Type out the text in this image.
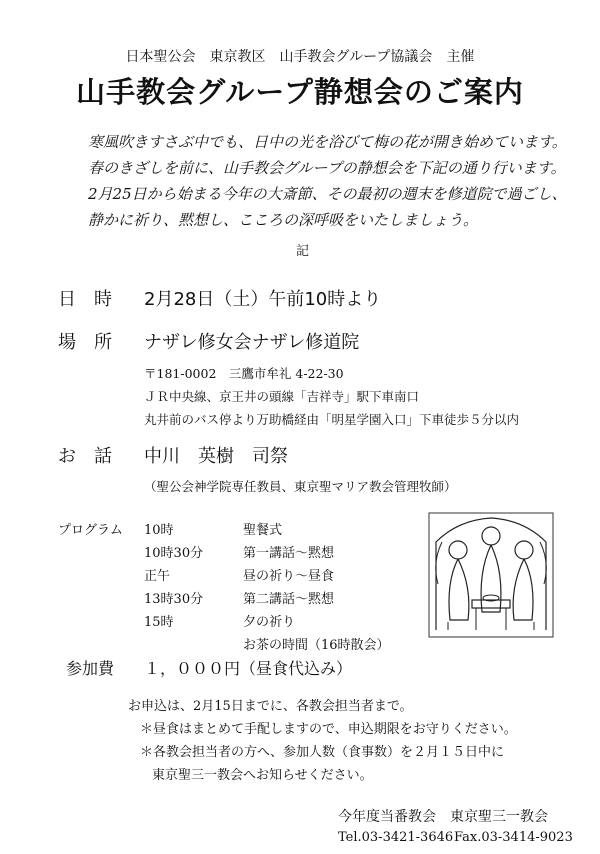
日本聖公会　東京教区　山手教会グループ協議会　主催
山手教会グループ静想会のご案内
寒風吹きすさぶ中でも、日中の光を浴びて梅の花が開き始めています。
春のきざしを前に、山手教会グループの静想会を下記の通り行います。
2月25日から始まる今年の大斎節、その最初の週末を修道院で過ごし、
静かに祈り、黙想し、こころの深呼吸をいたしましょう。
記
日　時 2月28日（土）午前10時より
場　所 ナザレ修女会ナザレ修道院
〒181-0002　三鷹市牟礼 4-22-30
ＪＲ中央線、京王井の頭線「吉祥寺」駅下車南口
丸井前のバス停より万助橋経由「明星学園入口」下車徒歩５分以内
お　話 中川　英樹　司祭
（聖公会神学院専任教員、東京聖マリア教会管理牧師）
プログラム 10時	聖餐式
10時30分	第一講話～黙想
正午	昼の祈り～昼食
13時30分	第二講話～黙想
15時	夕の祈り
お茶の時間（16時散会）
参加費 １，０００円（昼食代込み）
お申込は、2月15日までに、各教会担当者まで。
＊昼食はまとめて手配しますので、申込期限をお守りください。
＊各教会担当者の方へ、参加人数（食事数）を２月１５日中に
東京聖三一教会へお知らせください。
今年度当番教会　東京聖三一教会
Tel.03-3421-3646 Fax.03-3414-9023
